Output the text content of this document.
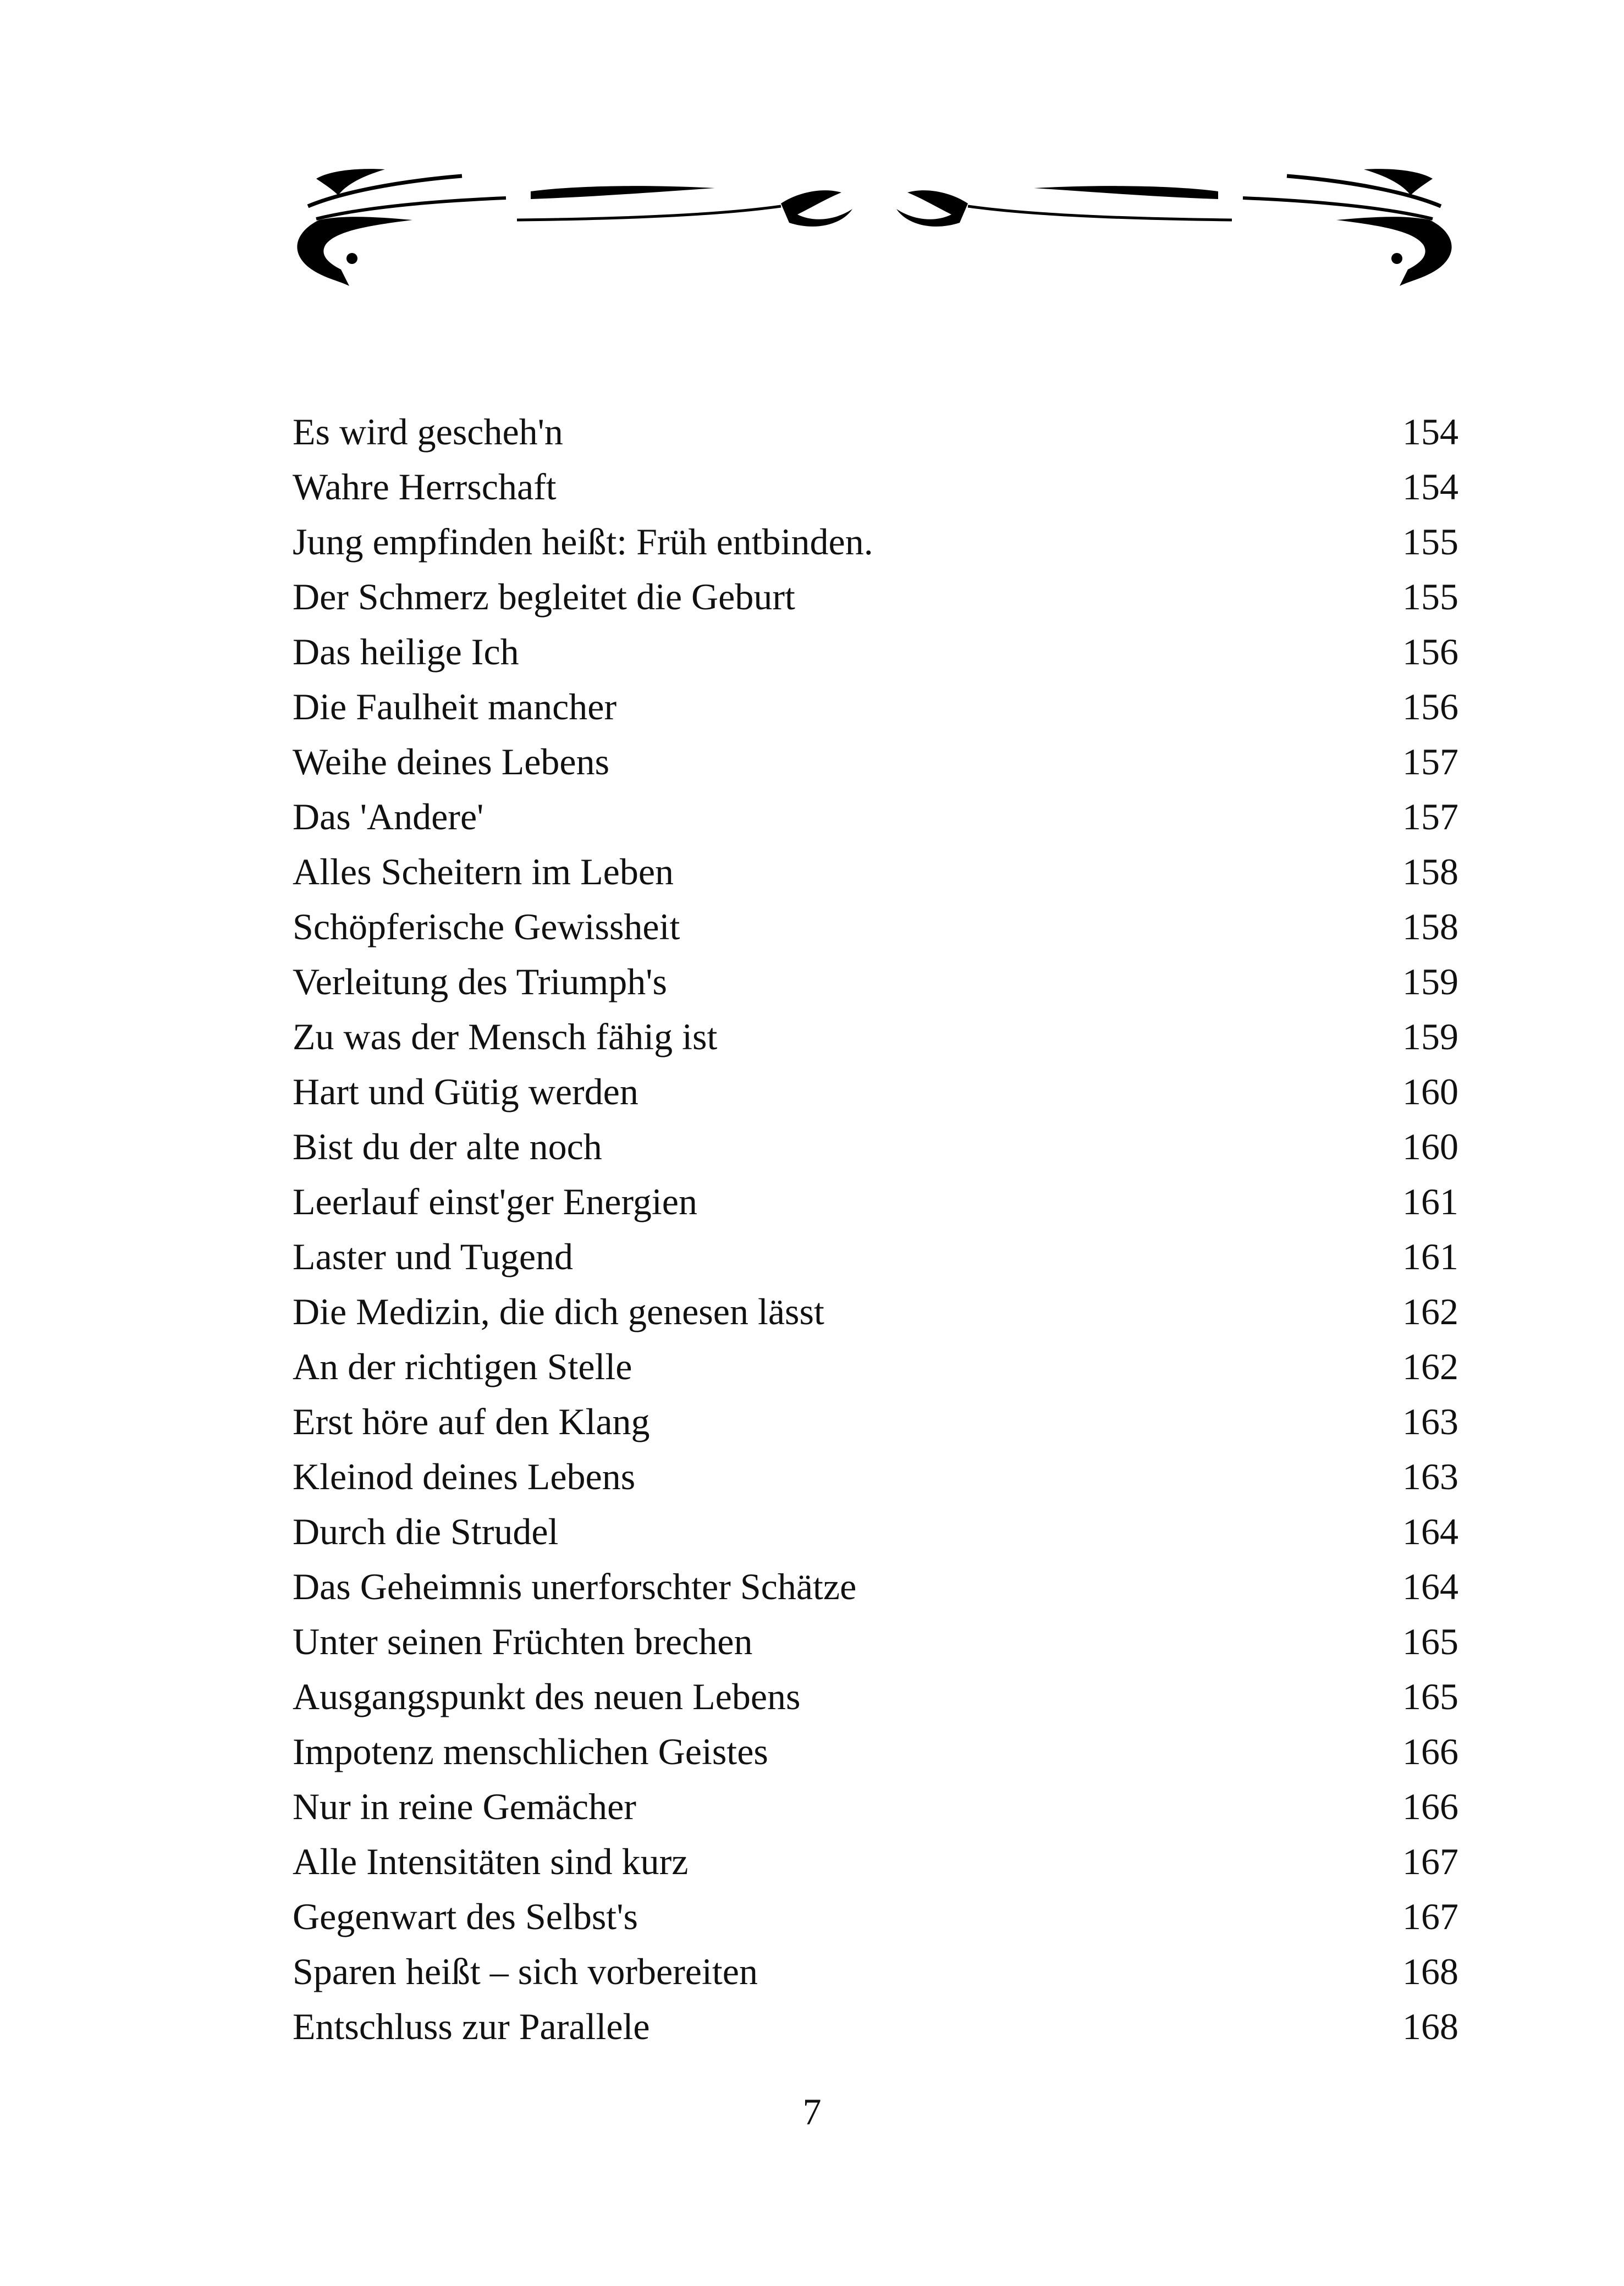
Es wird gescheh'n	154
Wahre Herrschaft	154
Jung empfinden heißt: Früh entbinden.	155
Der Schmerz begleitet die Geburt	155
Das heilige Ich	156
Die Faulheit mancher	156
Weihe deines Lebens	157
Das 'Andere'	157
Alles Scheitern im Leben	158
Schöpferische Gewissheit	158
Verleitung des Triumph's	159
Zu was der Mensch fähig ist	159
Hart und Gütig werden	160
Bist du der alte noch	160
Leerlauf einst'ger Energien	161
Laster und Tugend	161
Die Medizin, die dich genesen lässt	162
An der richtigen Stelle	162
Erst höre auf den Klang	163
Kleinod deines Lebens	163
Durch die Strudel	164
Das Geheimnis unerforschter Schätze	164
Unter seinen Früchten brechen	165
Ausgangspunkt des neuen Lebens	165
Impotenz menschlichen Geistes	166
Nur in reine Gemächer	166
Alle Intensitäten sind kurz	167
Gegenwart des Selbst's	167
Sparen heißt – sich vorbereiten	168
Entschluss zur Parallele	168
7
